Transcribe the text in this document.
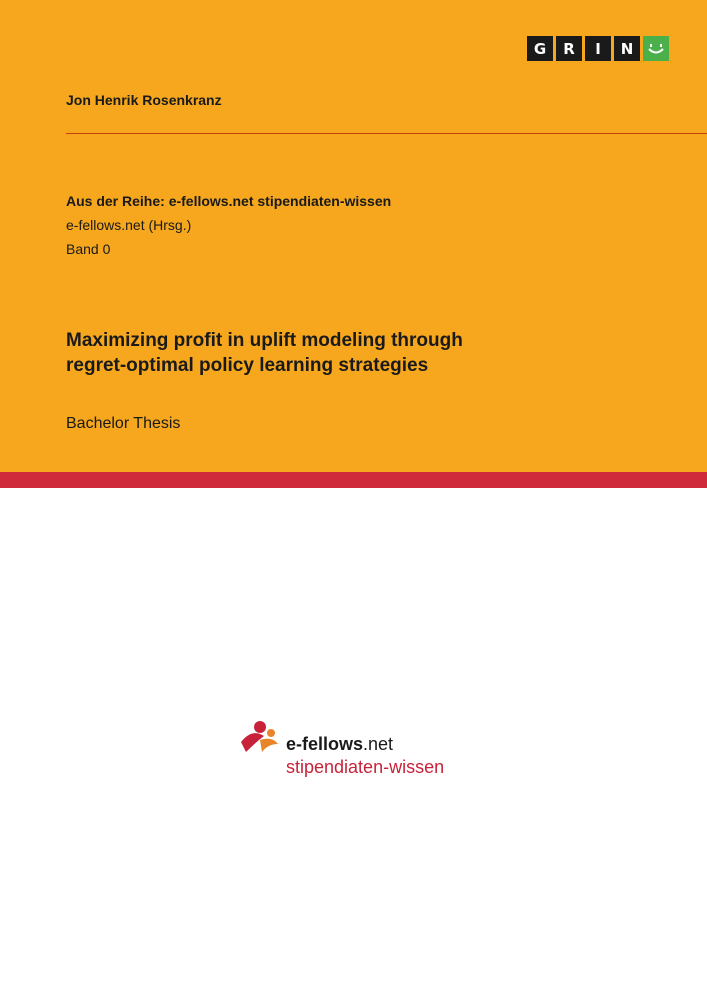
G	R	I	N
Jon Henrik Rosenkranz
Aus der Reihe: e-fellows.net stipendiaten-wissen
e-fellows.net (Hrsg.)
Band 0
Maximizing profit in uplift modeling through
regret-optimal policy learning strategies
Bachelor Thesis
e-fellows.net
stipendiaten-wissen
